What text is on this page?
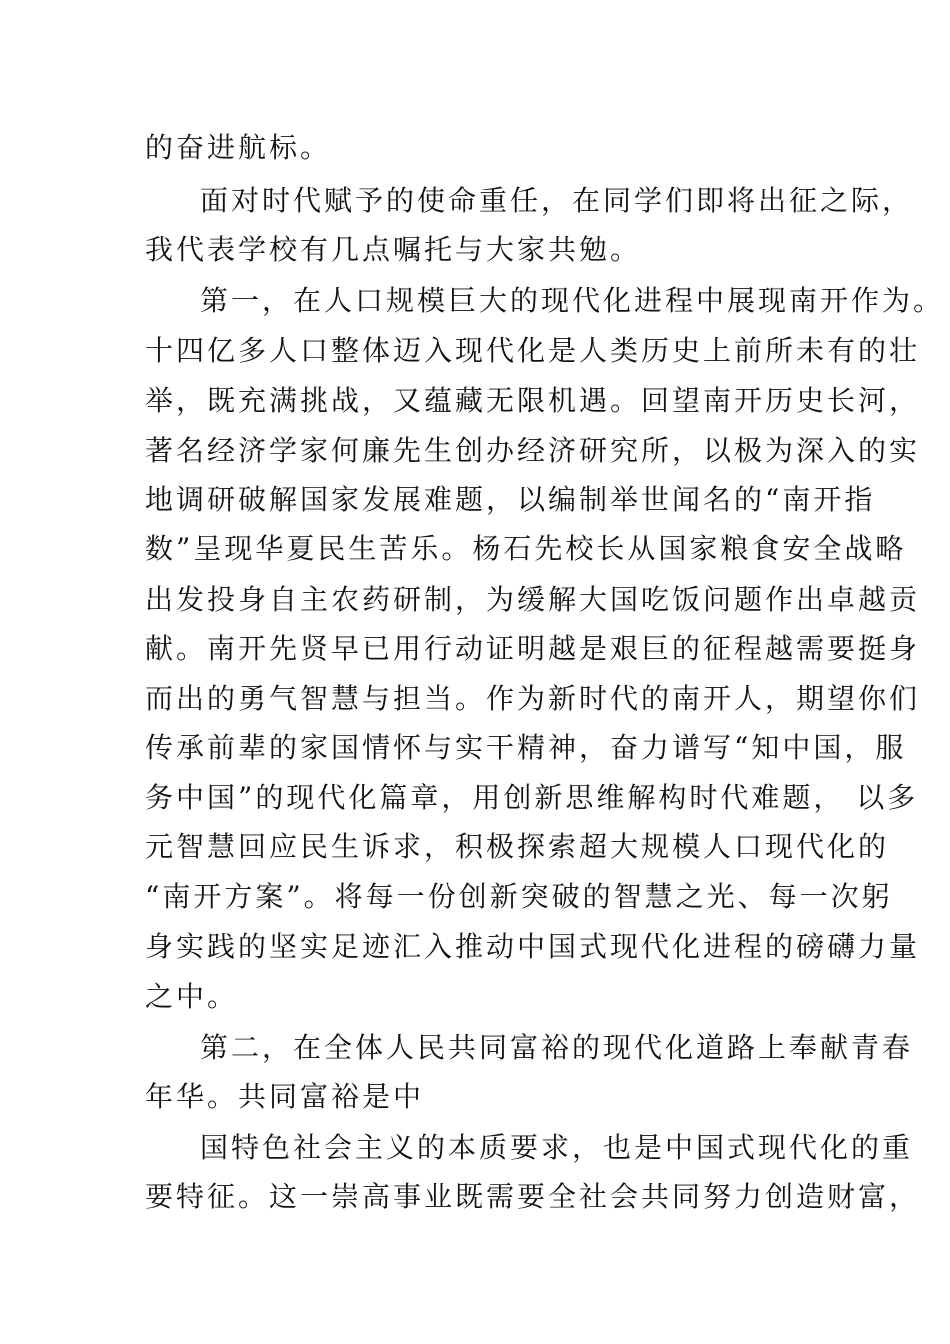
的奋进航标。
面对时代赋予的使命重任，在同学们即将出征之际，
我代表学校有几点嘱托与大家共勉。
第一，在人口规模巨大的现代化进程中展现南开作为。
十四亿多人口整体迈入现代化是人类历史上前所未有的壮
举，既充满挑战，又蕴藏无限机遇。回望南开历史长河，
著名经济学家何廉先生创办经济研究所，以极为深入的实
地调研破解国家发展难题，以编制举世闻名的“南开指
数”呈现华夏民生苦乐。杨石先校长从国家粮食安全战略
出发投身自主农药研制，为缓解大国吃饭问题作出卓越贡
献。南开先贤早已用行动证明越是艰巨的征程越需要挺身
而出的勇气智慧与担当。作为新时代的南开人，期望你们
传承前辈的家国情怀与实干精神，奋力谱写“知中国，服
务中国”的现代化篇章，用创新思维解构时代难题， 以多
元智慧回应民生诉求，积极探索超大规模人口现代化的
“南开方案”。将每一份创新突破的智慧之光、每一次躬
身实践的坚实足迹汇入推动中国式现代化进程的磅礴力量
之中。
第二，在全体人民共同富裕的现代化道路上奉献青春
年华。共同富裕是中
国特色社会主义的本质要求，也是中国式现代化的重
要特征。这一崇高事业既需要全社会共同努力创造财富，
